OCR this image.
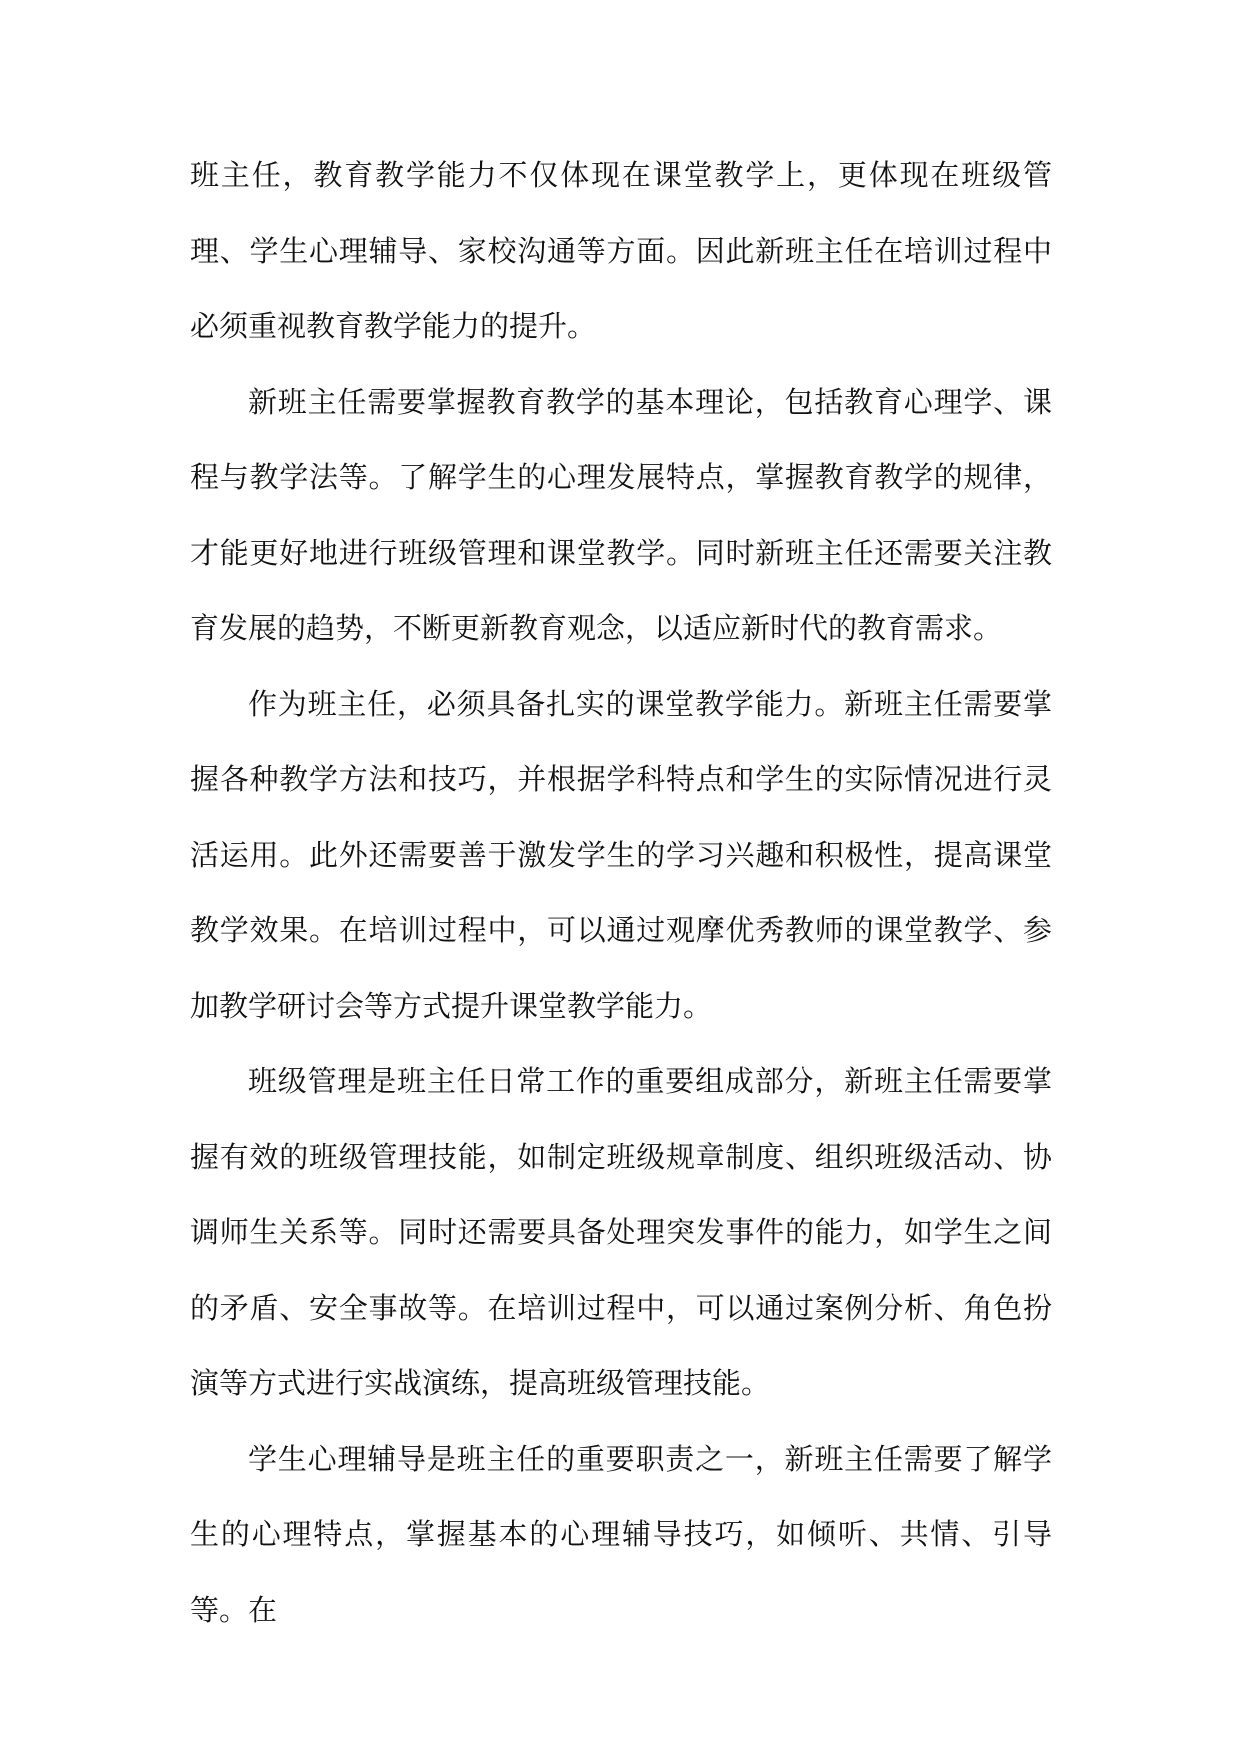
班主任，教育教学能力不仅体现在课堂教学上，更体现在班级管理、学生心理辅导、家校沟通等方面。因此新班主任在培训过程中必须重视教育教学能力的提升。

新班主任需要掌握教育教学的基本理论，包括教育心理学、课程与教学法等。了解学生的心理发展特点，掌握教育教学的规律，才能更好地进行班级管理和课堂教学。同时新班主任还需要关注教育发展的趋势，不断更新教育观念，以适应新时代的教育需求。

作为班主任，必须具备扎实的课堂教学能力。新班主任需要掌握各种教学方法和技巧，并根据学科特点和学生的实际情况进行灵活运用。此外还需要善于激发学生的学习兴趣和积极性，提高课堂教学效果。在培训过程中，可以通过观摩优秀教师的课堂教学、参加教学研讨会等方式提升课堂教学能力。

班级管理是班主任日常工作的重要组成部分，新班主任需要掌握有效的班级管理技能，如制定班级规章制度、组织班级活动、协调师生关系等。同时还需要具备处理突发事件的能力，如学生之间的矛盾、安全事故等。在培训过程中，可以通过案例分析、角色扮演等方式进行实战演练，提高班级管理技能。

学生心理辅导是班主任的重要职责之一，新班主任需要了解学生的心理特点，掌握基本的心理辅导技巧，如倾听、共情、引导等。在
